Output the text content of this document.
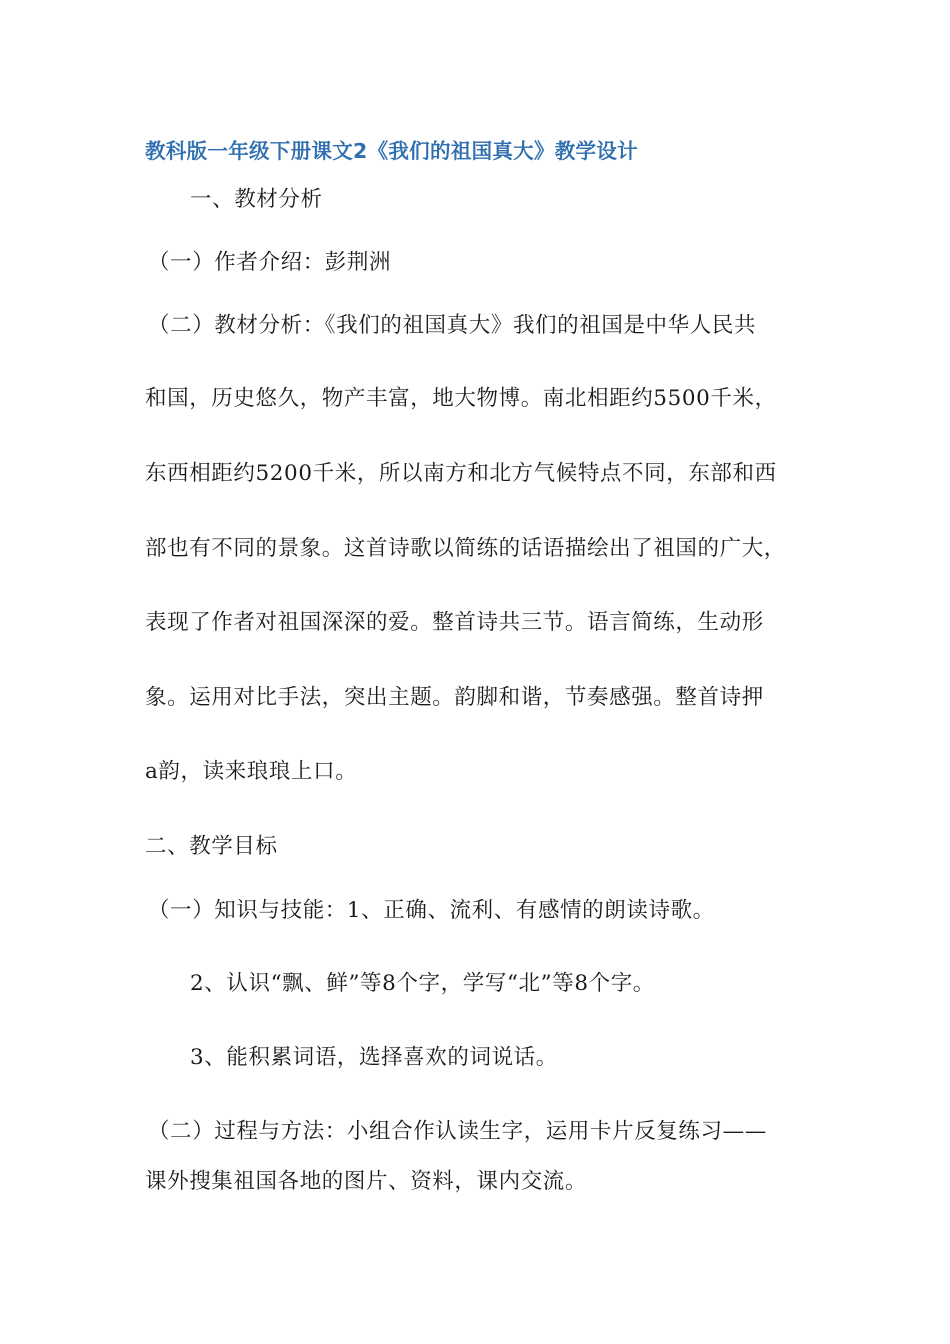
教科版一年级下册课文2《我们的祖国真大》教学设计
一、教材分析
（一）作者介绍：彭荆洲
（二）教材分析：《我们的祖国真大》我们的祖国是中华人民共
和国，历史悠久，物产丰富，地大物博。南北相距约5500千米，
东西相距约5200千米，所以南方和北方气候特点不同，东部和西
部也有不同的景象。这首诗歌以简练的话语描绘出了祖国的广大，
表现了作者对祖国深深的爱。整首诗共三节。语言简练，生动形
象。运用对比手法，突出主题。韵脚和谐，节奏感强。整首诗押
a韵，读来琅琅上口。
二、教学目标
（一）知识与技能：1、正确、流利、有感情的朗读诗歌。
2、认识“飘、鲜”等8个字，学写“北”等8个字。
3、能积累词语，选择喜欢的词说话。
（二）过程与方法：小组合作认读生字，运用卡片反复练习——
课外搜集祖国各地的图片、资料，课内交流。
